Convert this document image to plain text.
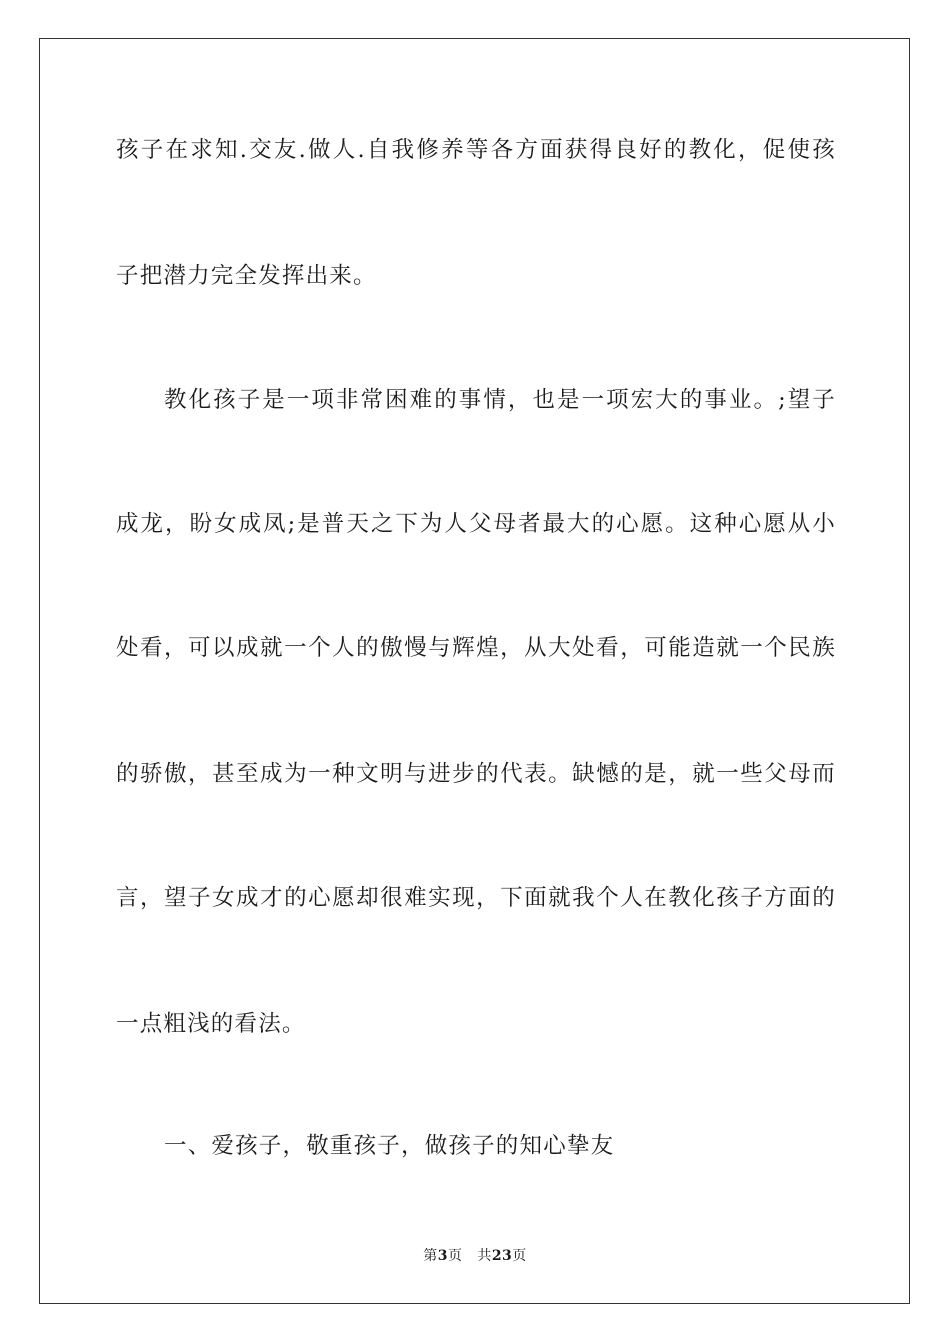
孩子在求知.交友.做人.自我修养等各方面获得良好的教化，促使孩
子把潜力完全发挥出来。
教化孩子是一项非常困难的事情，也是一项宏大的事业。;望子
成龙，盼女成凤;是普天之下为人父母者最大的心愿。这种心愿从小
处看，可以成就一个人的傲慢与辉煌，从大处看，可能造就一个民族
的骄傲，甚至成为一种文明与进步的代表。缺憾的是，就一些父母而
言，望子女成才的心愿却很难实现，下面就我个人在教化孩子方面的
一点粗浅的看法。
一、爱孩子，敬重孩子，做孩子的知心挚友
第3页 共23页
